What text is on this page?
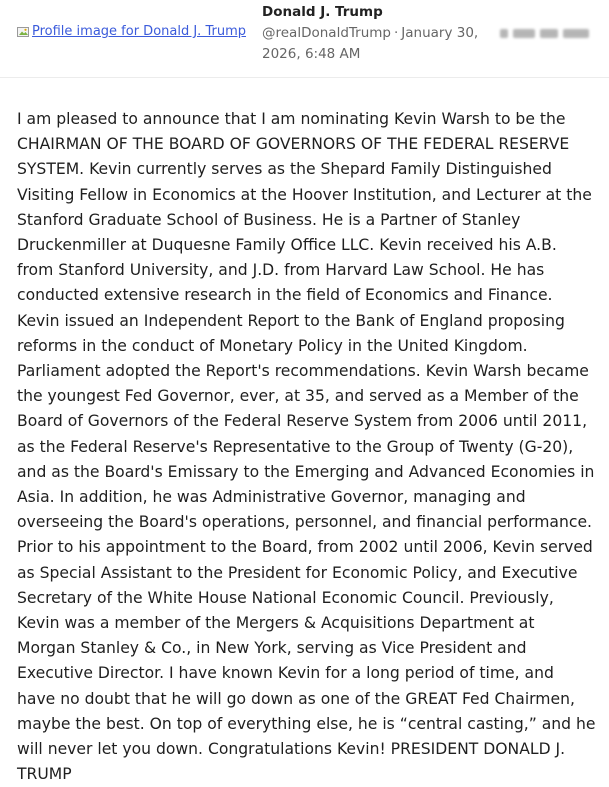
Profile image for Donald J. Trump
Donald J. Trump
@realDonaldTrump · January 30, 2026, 6:48 AM

I am pleased to announce that I am nominating Kevin Warsh to be the CHAIRMAN OF THE BOARD OF GOVERNORS OF THE FEDERAL RESERVE SYSTEM. Kevin currently serves as the Shepard Family Distinguished Visiting Fellow in Economics at the Hoover Institution, and Lecturer at the Stanford Graduate School of Business. He is a Partner of Stanley Druckenmiller at Duquesne Family Office LLC. Kevin received his A.B. from Stanford University, and J.D. from Harvard Law School. He has conducted extensive research in the field of Economics and Finance. Kevin issued an Independent Report to the Bank of England proposing reforms in the conduct of Monetary Policy in the United Kingdom. Parliament adopted the Report's recommendations. Kevin Warsh became the youngest Fed Governor, ever, at 35, and served as a Member of the Board of Governors of the Federal Reserve System from 2006 until 2011, as the Federal Reserve's Representative to the Group of Twenty (G-20), and as the Board's Emissary to the Emerging and Advanced Economies in Asia. In addition, he was Administrative Governor, managing and overseeing the Board's operations, personnel, and financial performance. Prior to his appointment to the Board, from 2002 until 2006, Kevin served as Special Assistant to the President for Economic Policy, and Executive Secretary of the White House National Economic Council. Previously, Kevin was a member of the Mergers & Acquisitions Department at Morgan Stanley & Co., in New York, serving as Vice President and Executive Director. I have known Kevin for a long period of time, and have no doubt that he will go down as one of the GREAT Fed Chairmen, maybe the best. On top of everything else, he is “central casting,” and he will never let you down. Congratulations Kevin! PRESIDENT DONALD J. TRUMP
